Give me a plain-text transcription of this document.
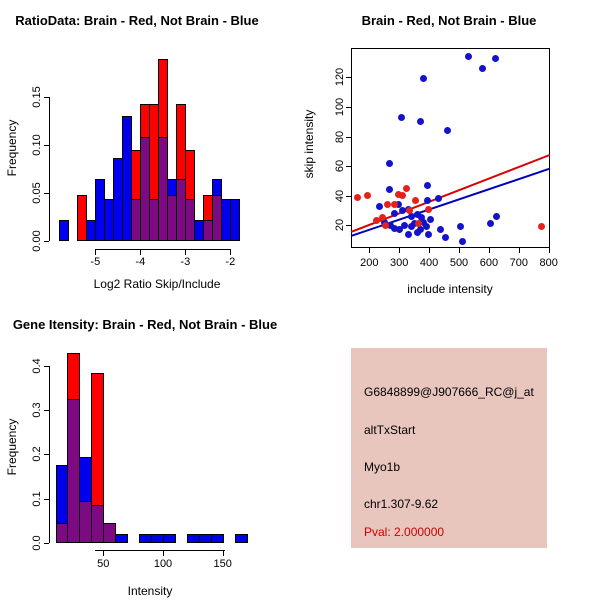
RatioData: Brain - Red, Not Brain - Blue	Brain - Red, Not Brain - Blue
Gene Itensity: Brain - Red, Not Brain - Blue
Log2 Ratio Skip/Include
Frequency
include intensity
skip intensity
Intensity
Frequency
0.00
0.05
0.10
0.15
-5	-4	-3	-2	200 300 400 500 600 700 800
20
40
60
80
100
120
0.0
0.1
0.2
0.3
0.4
50	100	150
G6848899@J907666_RC@j_at
altTxStart
Myo1b
chr1.307-9.62
Pval: 2.000000
